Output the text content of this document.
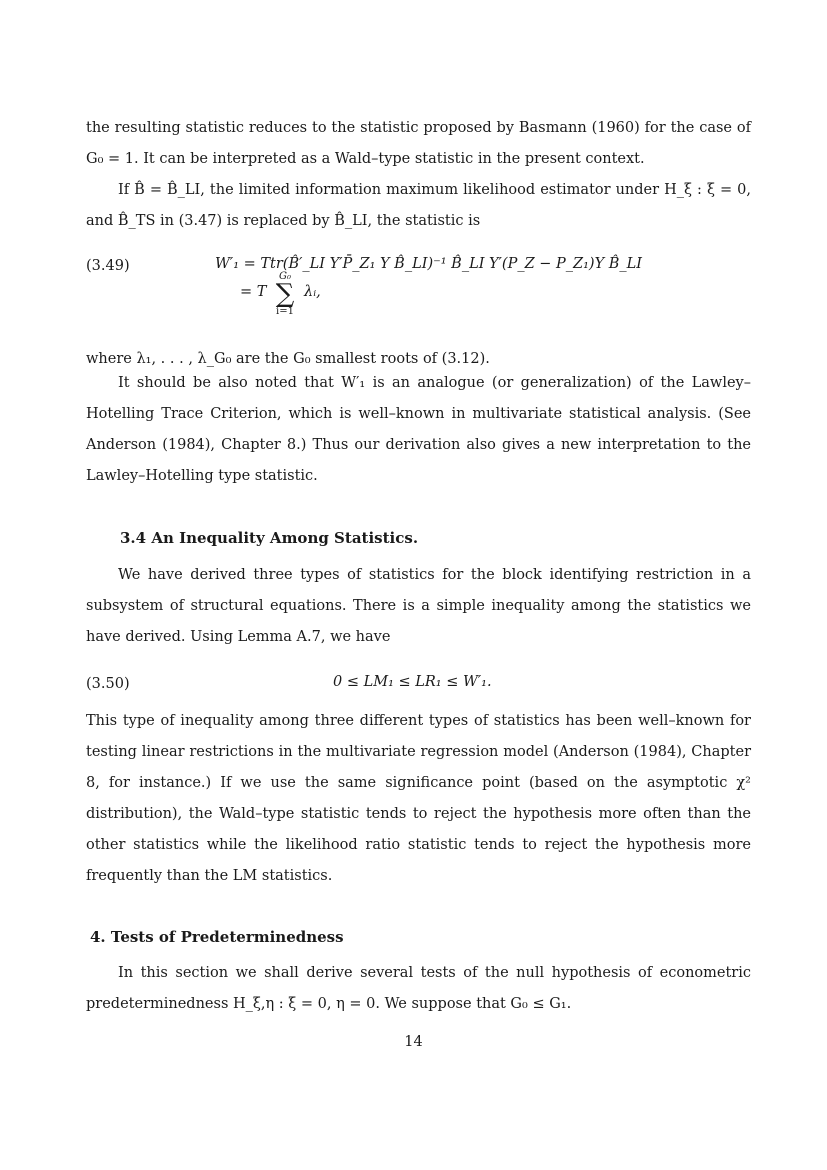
the resulting statistic reduces to the statistic proposed by Basmann (1960) for the case of G₀ = 1. It can be interpreted as a Wald–type statistic in the present context.

If B̂ = B̂_LI, the limited information maximum likelihood estimator under H_ξ : ξ = 0, and B̂_TS in (3.47) is replaced by B̂_LI, the statistic is

(3.49)	W′₁ = Ttr(B̂′_LI Y′P̄_Z₁ Y B̂_LI)⁻¹ B̂_LI Y′(P_Z − P_Z₁)Y B̂_LI
= T
G₀
∑
i=1
λᵢ,

where λ₁, . . . , λ_G₀ are the G₀ smallest roots of (3.12).

It should be also noted that W′₁ is an analogue (or generalization) of the Lawley–Hotelling Trace Criterion, which is well–known in multivariate statistical analysis. (See Anderson (1984), Chapter 8.) Thus our derivation also gives a new interpretation to the Lawley–Hotelling type statistic.

3.4 An Inequality Among Statistics.

We have derived three types of statistics for the block identifying restriction in a subsystem of structural equations. There is a simple inequality among the statistics we have derived. Using Lemma A.7, we have

(3.50)	0 ≤ LM₁ ≤ LR₁ ≤ W′₁.

This type of inequality among three different types of statistics has been well–known for testing linear restrictions in the multivariate regression model (Anderson (1984), Chapter 8, for instance.) If we use the same significance point (based on the asymptotic χ² distribution), the Wald–type statistic tends to reject the hypothesis more often than the other statistics while the likelihood ratio statistic tends to reject the hypothesis more frequently than the LM statistics.

4. Tests of Predeterminedness

In this section we shall derive several tests of the null hypothesis of econometric predeterminedness H_ξ,η : ξ = 0, η = 0. We suppose that G₀ ≤ G₁.

14
